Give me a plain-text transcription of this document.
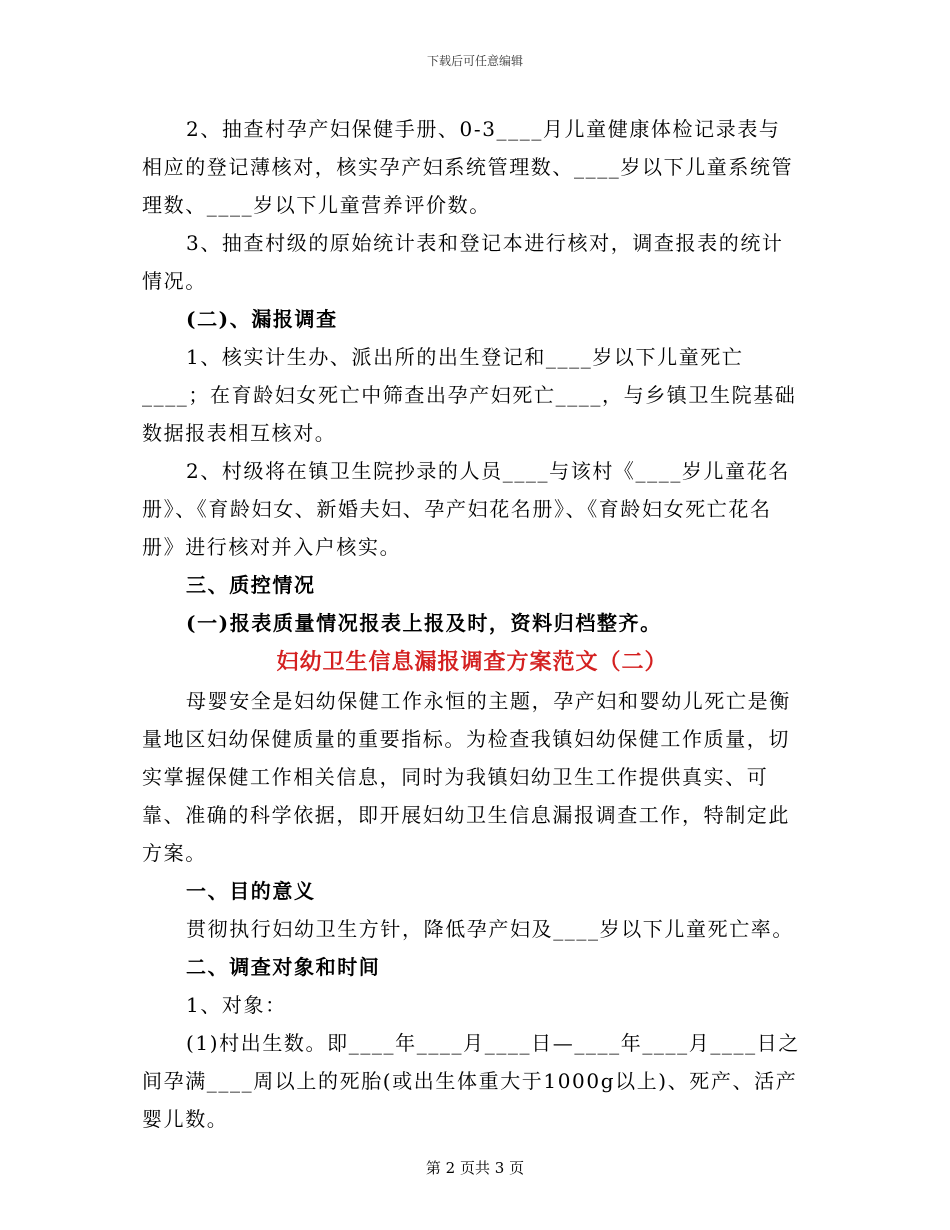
下载后可任意编辑

2、抽查村孕产妇保健手册、0-3____月儿童健康体检记录表与相应的登记薄核对，核实孕产妇系统管理数、____岁以下儿童系统管理数、____岁以下儿童营养评价数。

3、抽查村级的原始统计表和登记本进行核对，调查报表的统计情况。

(二)、漏报调查

1、核实计生办、派出所的出生登记和____岁以下儿童死亡____；在育龄妇女死亡中筛查出孕产妇死亡____，与乡镇卫生院基础数据报表相互核对。

2、村级将在镇卫生院抄录的人员____与该村《____岁儿童花名册》、《育龄妇女、新婚夫妇、孕产妇花名册》、《育龄妇女死亡花名册》进行核对并入户核实。

三、质控情况

(一)报表质量情况报表上报及时，资料归档整齐。

妇幼卫生信息漏报调查方案范文（二）

母婴安全是妇幼保健工作永恒的主题，孕产妇和婴幼儿死亡是衡量地区妇幼保健质量的重要指标。为检查我镇妇幼保健工作质量，切实掌握保健工作相关信息，同时为我镇妇幼卫生工作提供真实、可靠、准确的科学依据，即开展妇幼卫生信息漏报调查工作，特制定此方案。

一、目的意义

贯彻执行妇幼卫生方针，降低孕产妇及____岁以下儿童死亡率。

二、调查对象和时间

1、对象：

(1)村出生数。即____年____月____日—____年____月____日之间孕满____周以上的死胎(或出生体重大于1000g以上)、死产、活产婴儿数。

第 2 页共 3 页
